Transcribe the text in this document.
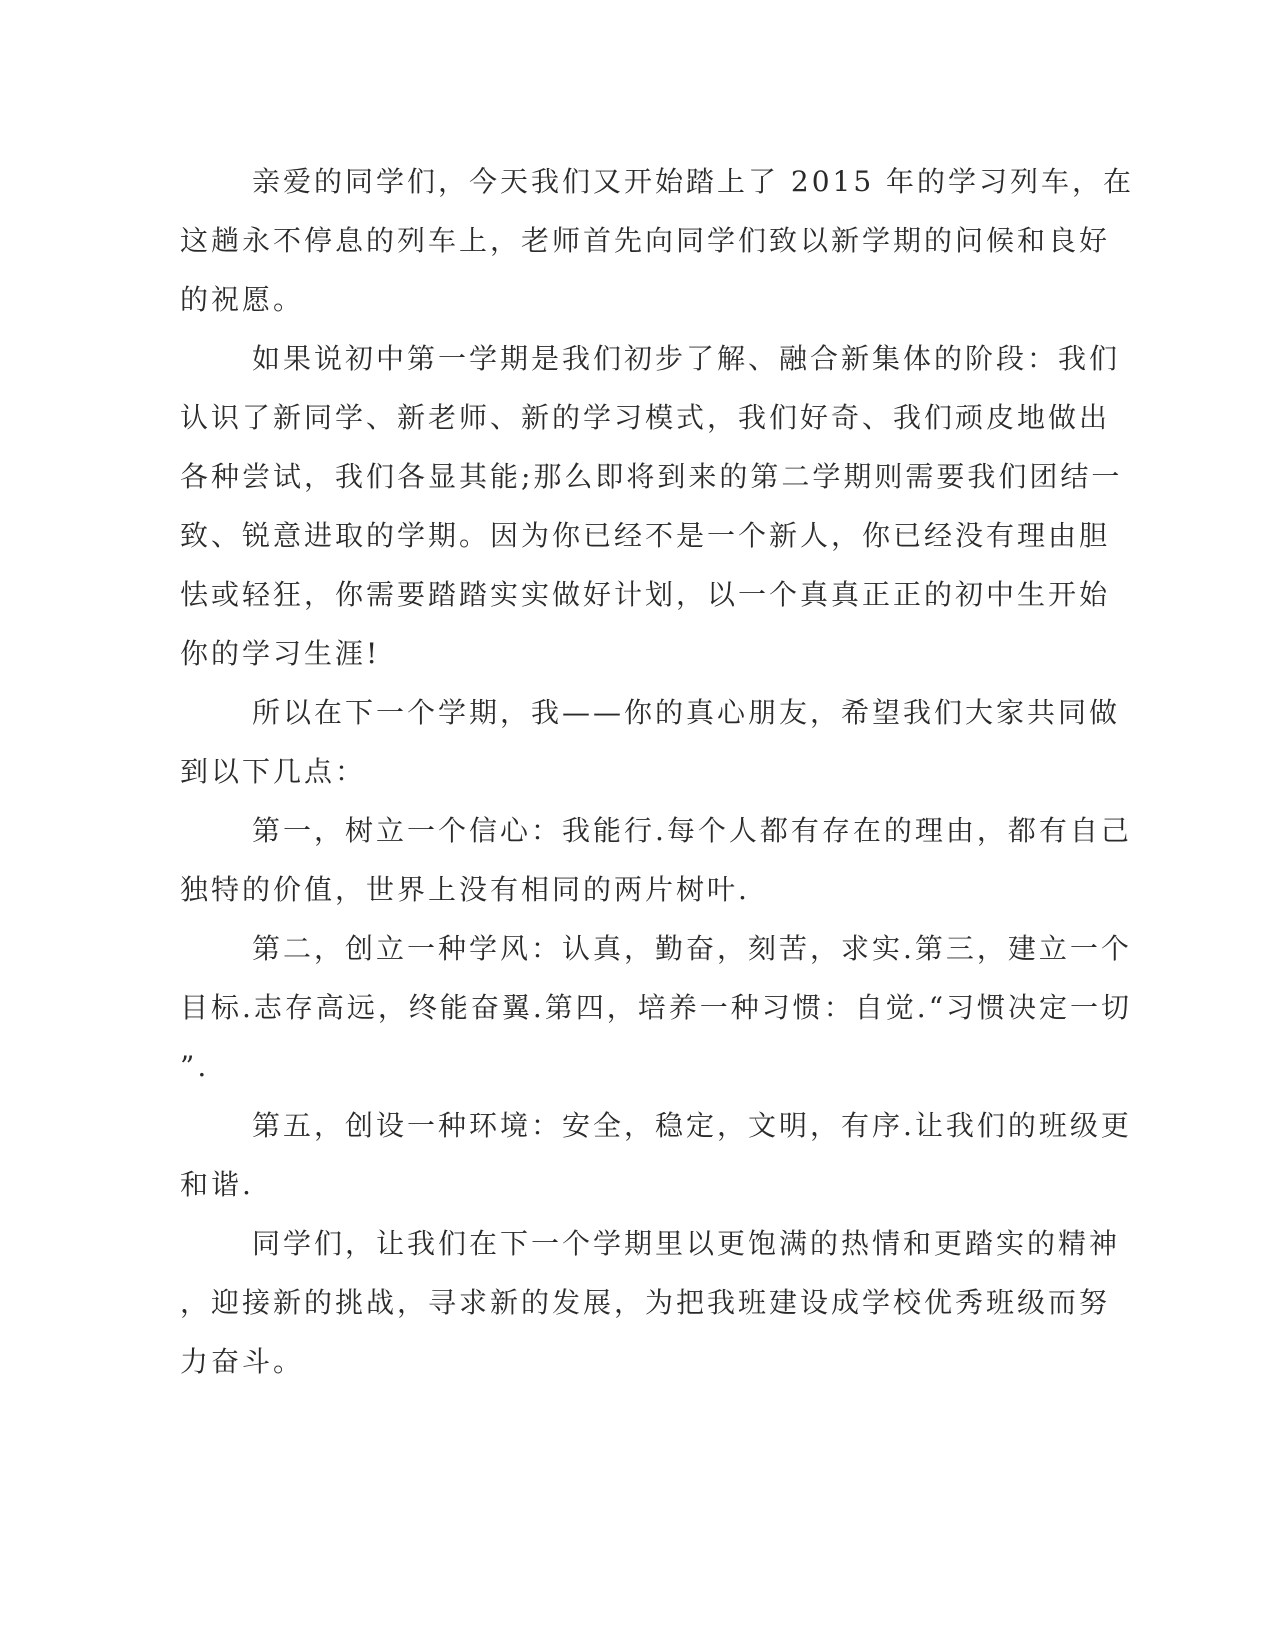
亲爱的同学们，今天我们又开始踏上了 2015 年的学习列车，在
这趟永不停息的列车上，老师首先向同学们致以新学期的问候和良好
的祝愿。
如果说初中第一学期是我们初步了解、融合新集体的阶段：我们
认识了新同学、新老师、新的学习模式，我们好奇、我们顽皮地做出
各种尝试，我们各显其能;那么即将到来的第二学期则需要我们团结一
致、锐意进取的学期。因为你已经不是一个新人，你已经没有理由胆
怯或轻狂，你需要踏踏实实做好计划，以一个真真正正的初中生开始
你的学习生涯!
所以在下一个学期，我——你的真心朋友，希望我们大家共同做
到以下几点：
第一，树立一个信心：我能行.每个人都有存在的理由，都有自己
独特的价值，世界上没有相同的两片树叶.
第二，创立一种学风：认真，勤奋，刻苦，求实.第三，建立一个
目标.志存高远，终能奋翼.第四，培养一种习惯：自觉.“习惯决定一切
”.
第五，创设一种环境：安全，稳定，文明，有序.让我们的班级更
和谐.
同学们，让我们在下一个学期里以更饱满的热情和更踏实的精神
，迎接新的挑战，寻求新的发展，为把我班建设成学校优秀班级而努
力奋斗。
